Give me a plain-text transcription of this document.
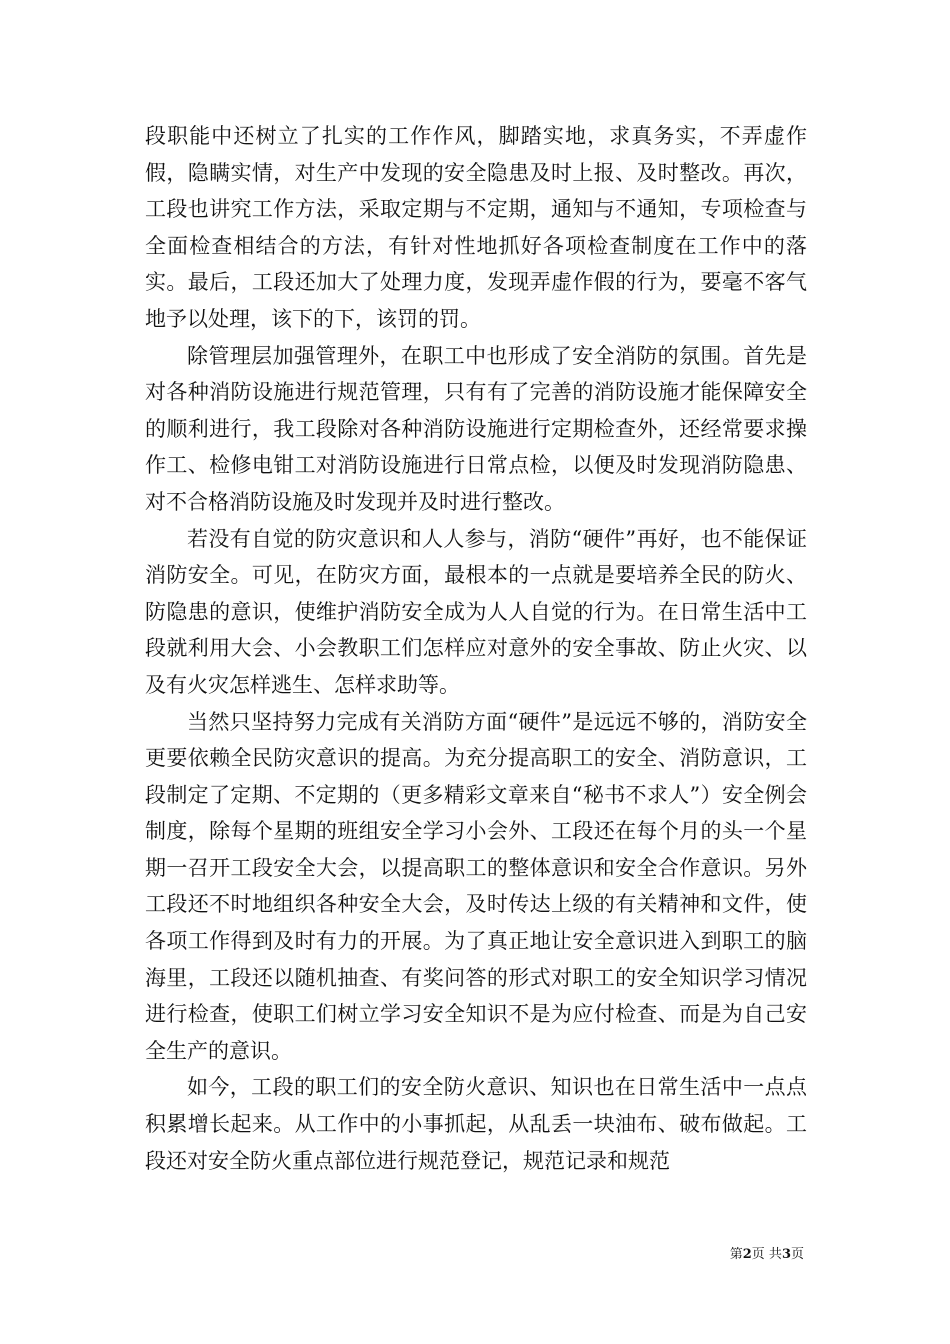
段职能中还树立了扎实的工作作风，脚踏实地，求真务实，不弄虚作假，隐瞒实情，对生产中发现的安全隐患及时上报、及时整改。再次，工段也讲究工作方法，采取定期与不定期，通知与不通知，专项检查与全面检查相结合的方法，有针对性地抓好各项检查制度在工作中的落实。最后，工段还加大了处理力度，发现弄虚作假的行为，要毫不客气地予以处理，该下的下，该罚的罚。

除管理层加强管理外，在职工中也形成了安全消防的氛围。首先是对各种消防设施进行规范管理，只有有了完善的消防设施才能保障安全的顺利进行，我工段除对各种消防设施进行定期检查外，还经常要求操作工、检修电钳工对消防设施进行日常点检，以便及时发现消防隐患、对不合格消防设施及时发现并及时进行整改。

若没有自觉的防灾意识和人人参与，消防“硬件”再好，也不能保证消防安全。可见，在防灾方面，最根本的一点就是要培养全民的防火、防隐患的意识，使维护消防安全成为人人自觉的行为。在日常生活中工段就利用大会、小会教职工们怎样应对意外的安全事故、防止火灾、以及有火灾怎样逃生、怎样求助等。

当然只坚持努力完成有关消防方面“硬件”是远远不够的，消防安全更要依赖全民防灾意识的提高。为充分提高职工的安全、消防意识，工段制定了定期、不定期的（更多精彩文章来自“秘书不求人”）安全例会制度，除每个星期的班组安全学习小会外、工段还在每个月的头一个星期一召开工段安全大会，以提高职工的整体意识和安全合作意识。另外工段还不时地组织各种安全大会，及时传达上级的有关精神和文件，使各项工作得到及时有力的开展。为了真正地让安全意识进入到职工的脑海里，工段还以随机抽查、有奖问答的形式对职工的安全知识学习情况进行检查，使职工们树立学习安全知识不是为应付检查、而是为自己安全生产的意识。

如今，工段的职工们的安全防火意识、知识也在日常生活中一点点积累增长起来。从工作中的小事抓起，从乱丢一块油布、破布做起。工段还对安全防火重点部位进行规范登记，规范记录和规范

第2页 共3页
